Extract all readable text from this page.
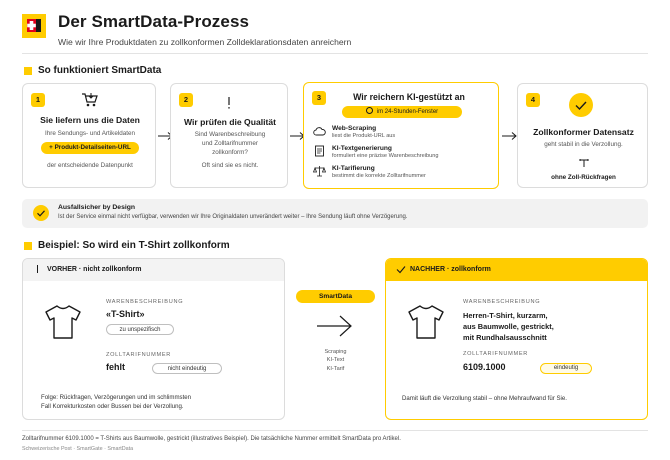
Der SmartData-Prozess
Wie wir Ihre Produktdaten zu zollkonformen Zolldeklarationsdaten anreichern
So funktioniert SmartData
1
Sie liefern uns die Daten
Ihre Sendungs- und Artikeldaten
+ Produkt-Detailseiten-URL
der entscheidende Datenpunkt
2
Wir prüfen die Qualität
Sind Warenbeschreibung
und Zolltarifnummer
zollkonform?
Oft sind sie es nicht.
3	Wir reichern KI-gestützt an
im 24-Stunden-Fenster
Web-Scraping
liest die Produkt-URL aus
KI-Textgenerierung
formuliert eine präzise Warenbeschreibung
KI-Tarifierung
bestimmt die korrekte Zolltarifnummer
4
Zollkonformer Datensatz
geht stabil in die Verzollung.
ohne Zoll-Rückfragen
Ausfallsicher by Design
Ist der Service einmal nicht verfügbar, verwenden wir Ihre Originaldaten unverändert weiter – Ihre Sendung läuft ohne Verzögerung.
Beispiel: So wird ein T-Shirt zollkonform
VORHER · nicht zollkonform
WARENBESCHREIBUNG
«T-Shirt»
zu unspezifisch
ZOLLTARIFNUMMER
fehlt	nicht eindeutig
Folge: Rückfragen, Verzögerungen und im schlimmsten
Fall Korrekturkosten oder Bussen bei der Verzollung.
SmartData
Scraping
KI-Text
KI-Tarif
NACHHER · zollkonform
WARENBESCHREIBUNG
Herren-T-Shirt, kurzarm,
aus Baumwolle, gestrickt,
mit Rundhalsausschnitt
ZOLLTARIFNUMMER
6109.1000	eindeutig
Damit läuft die Verzollung stabil – ohne Mehraufwand für Sie.
Zolltarifnummer 6109.1000 = T-Shirts aus Baumwolle, gestrickt (illustratives Beispiel). Die tatsächliche Nummer ermittelt SmartData pro Artikel.
Schweizerische Post · SmartGate · SmartData
